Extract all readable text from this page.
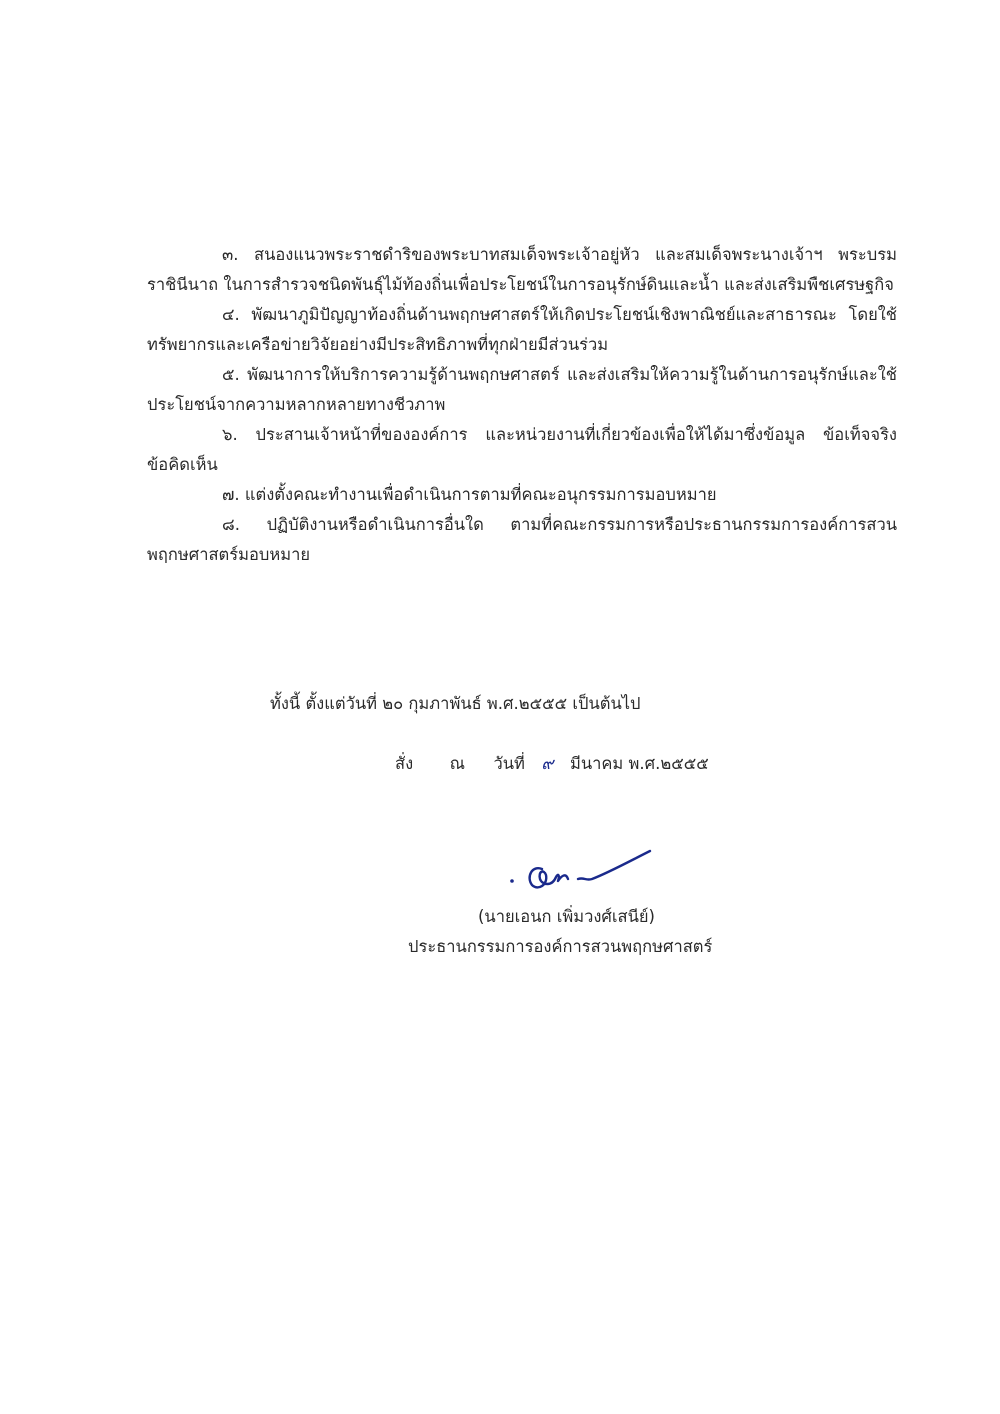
๓. สนองแนวพระราชดำริของพระบาทสมเด็จพระเจ้าอยู่หัว และสมเด็จพระนางเจ้าฯ พระบรมราชินีนาถ ในการสำรวจชนิดพันธุ์ไม้ท้องถิ่นเพื่อประโยชน์ในการอนุรักษ์ดินและน้ำ และส่งเสริมพืชเศรษฐกิจ

๔. พัฒนาภูมิปัญญาท้องถิ่นด้านพฤกษศาสตร์ให้เกิดประโยชน์เชิงพาณิชย์และสาธารณะ โดยใช้ทรัพยากรและเครือข่ายวิจัยอย่างมีประสิทธิภาพที่ทุกฝ่ายมีส่วนร่วม

๕. พัฒนาการให้บริการความรู้ด้านพฤกษศาสตร์ และส่งเสริมให้ความรู้ในด้านการอนุรักษ์และใช้ประโยชน์จากความหลากหลายทางชีวภาพ

๖. ประสานเจ้าหน้าที่ขององค์การ และหน่วยงานที่เกี่ยวข้องเพื่อให้ได้มาซึ่งข้อมูล ข้อเท็จจริง ข้อคิดเห็น

๗. แต่งตั้งคณะทำงานเพื่อดำเนินการตามที่คณะอนุกรรมการมอบหมาย

๘. ปฏิบัติงานหรือดำเนินการอื่นใด ตามที่คณะกรรมการหรือประธานกรรมการองค์การสวนพฤกษศาสตร์มอบหมาย

ทั้งนี้ ตั้งแต่วันที่ ๒๐ กุมภาพันธ์ พ.ศ.๒๕๕๕ เป็นต้นไป
สั่ง ณ วันที่ ๙ มีนาคม พ.ศ.๒๕๕๕
(นายเอนก เพิ่มวงศ์เสนีย์)
ประธานกรรมการองค์การสวนพฤกษศาสตร์
